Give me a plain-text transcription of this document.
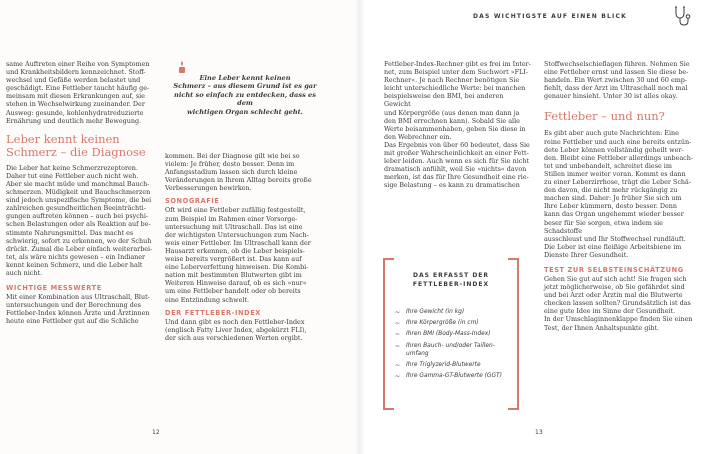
DAS WICHTIGSTE AUF EINEN BLICK

same Auftreten einer Reihe von Symptomen
und Krankheitsbildern kennzeichnet. Stoff-
wechsel und Gefäße werden belastet und
geschädigt. Eine Fettleber taucht häufig ge-
meinsam mit diesen Erkrankungen auf, sie
stehen in Wechselwirkung zueinander. Der
Ausweg: gesunde, kohlenhydratreduzierte
Ernährung und deutlich mehr Bewegung.

Leber kennt keinen
Schmerz – die Diagnose

Die Leber hat keine Schmerzrezeptoren.
Daher tut eine Fettleber auch nicht weh.
Aber sie macht müde und manchmal Bauch-
schmerzen. Müdigkeit und Bauchschmerzen
sind jedoch unspezifische Symptome, die bei
zahlreichen gesundheitlichen Beeinträchti-
gungen auftreten können – auch bei psychi-
schen Belastungen oder als Reaktion auf be-
stimmte Nahrungsmittel. Das macht es
schwierig, sofort zu erkennen, wo der Schuh
drückt. Zumal die Leber einfach weiterarbei-
tet, als wäre nichts gewesen – ein Indianer
kennt keinen Schmerz, und die Leber halt
auch nicht.

WICHTIGE MESSWERTE

Mit einer Kombination aus Ultraschall, Blut-
untersuchungen und der Berechnung des
Fettleber-Index können Ärzte und Ärztinnen
heute eine Fettleber gut auf die Schliche

Eine Leber kennt keinen
Schmerz – aus diesem Grund ist es gar
nicht so einfach zu entdecken, dass es dem
wichtigen Organ schlecht geht.

kommen. Bei der Diagnose gilt wie bei so
vielem: Je früher, desto besser. Denn im
Anfangsstadium lassen sich durch kleine
Veränderungen in Ihrem Alltag bereits große
Verbesserungen bewirken.

SONOGRAFIE

Oft wird eine Fettleber zufällig festgestellt,
zum Beispiel im Rahmen einer Vorsorge-
untersuchung mit Ultraschall. Das ist eine
der wichtigsten Untersuchungen zum Nach-
weis einer Fettleber. Im Ultraschall kann der
Hausarzt erkennen, ob die Leber beispiels-
weise bereits vergrößert ist. Das kann auf
eine Leberverfettung hinweisen. Die Kombi-
nation mit bestimmten Blutwerten gibt im
Weiteren Hinweise darauf, ob es sich »nur«
um eine Fettleber handelt oder ob bereits
eine Entzündung schwelt.

DER FETTLEBER-INDEX

Und dann gibt es noch den Fettleber-Index
(englisch Fatty Liver Index, abgekürzt FLI),
der sich aus verschiedenen Werten ergibt.

12

Fettleber-Index-Rechner gibt es frei im Inter-
net, zum Beispiel unter dem Suchwort »FLI-
Rechner«. Je nach Rechner benötigen Sie
leicht unterschiedliche Werte: bei manchen
beispielsweise den BMI, bei anderen Gewicht
und Körpergröße (aus denen man dann ja
den BMI errechnen kann). Sobald Sie alle
Werte beisammenhaben, geben Sie diese in
den Webrechner ein.
Das Ergebnis von über 60 bedeutet, dass Sie
mit großer Wahrscheinlichkeit an einer Fett-
leber leiden. Auch wenn es sich für Sie nicht
dramatisch anfühlt, weil Sie »nichts« davon
merken, ist das für Ihre Gesundheit eine rie-
sige Belastung – es kann zu dramatischen

DAS ERFASST DER
FETTLEBER-INDEX
~ Ihre Gewicht (in kg)
~ Ihre Körpergröße (in cm)
~ Ihren BMI (Body-Mass-Index)
~ Ihren Bauch- und/oder Taillen-
umfang
~ Ihre Triglyzerid-Blutwerte
~ Ihre Gamma-GT-Blutwerte (GGT)

Stoffwechselschieflagen führen. Nehmen Sie
eine Fettleber ernst und lassen Sie diese be-
handeln. Ein Wert zwischen 30 und 60 emp-
fiehlt, dass der Arzt im Ultraschall noch mal
genauer hinsieht. Unter 30 ist alles okay.

Fettleber – und nun?

Es gibt aber auch gute Nachrichten: Eine
reine Fettleber und auch eine bereits entzün-
dete Leber können vollständig geheilt wer-
den. Bleibt eine Fettleber allerdings unbeach-
tet und unbehandelt, schreitet diese im
Stillen immer weiter voran. Kommt es dann
zu einer Leberzirrhose, trägt die Leber Schä-
den davon, die nicht mehr rückgängig zu
machen sind. Daher: Je früher Sie sich um
Ihre Leber kümmern, desto besser. Denn
kann das Organ ungehemmt wieder besser
beser für Sie sorgen, etwa indem sie Schadstoffe
ausschleust und Ihr Stoffwechsel rundläuft.
Die Leber ist eine fleißige Arbeitsbiene im
Dienste Ihrer Gesundheit.

TEST ZUR SELBSTEINSCHÄTZUNG

Gehen Sie gut auf sich acht! Sie fragen sich
jetzt möglicherweise, ob Sie gefährdet sind
und bei Arzt oder Ärztin mal die Blutwerte
checken lassen sollten? Grundsätzlich ist das
eine gute Idee im Sinne der Gesundheit.
In der Umschlaginnenklappe finden Sie einen
Test, der Ihnen Anhaltspunkte gibt.

13
